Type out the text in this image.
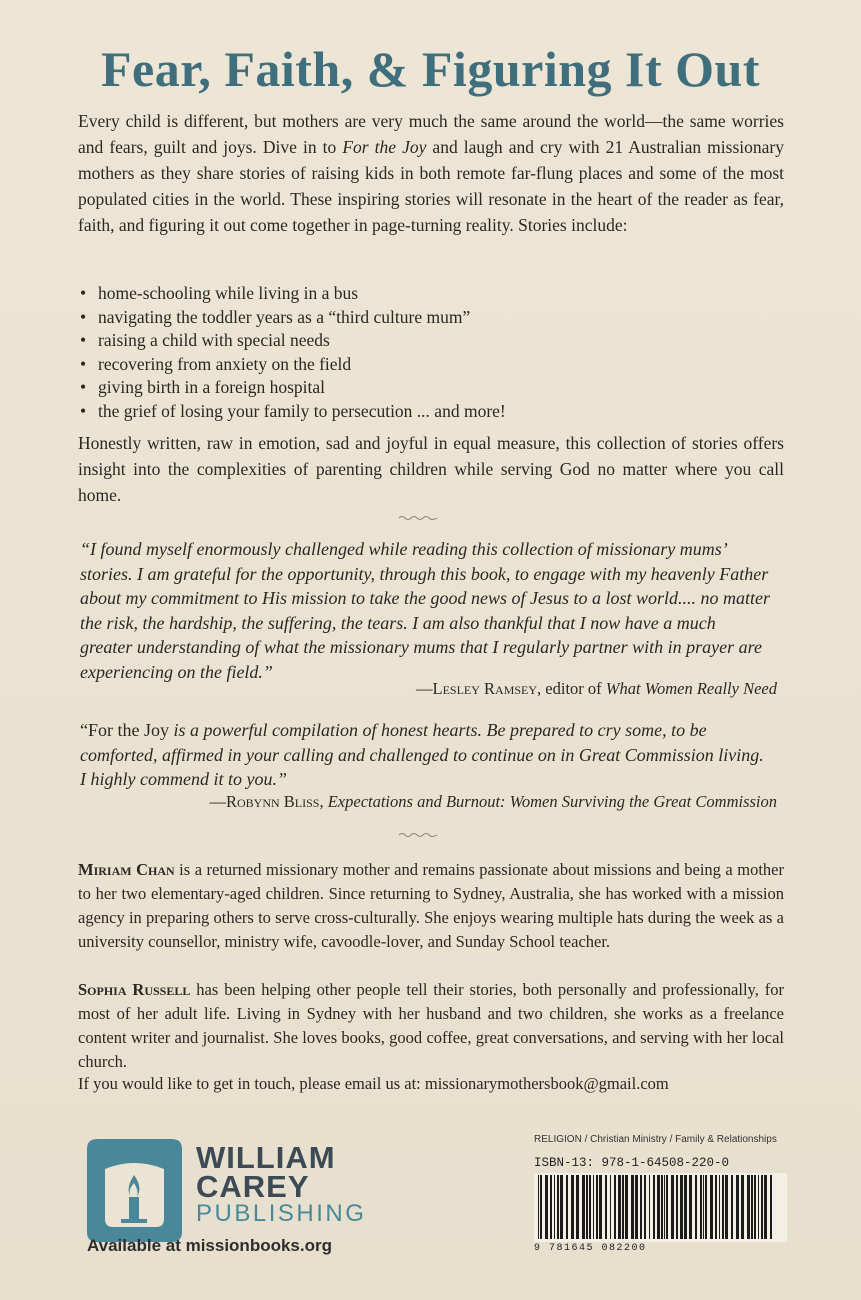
Fear, Faith, & Figuring It Out
Every child is different, but mothers are very much the same around the world—the same worries and fears, guilt and joys. Dive in to For the Joy and laugh and cry with 21 Australian missionary mothers as they share stories of raising kids in both remote far-flung places and some of the most populated cities in the world. These inspiring stories will resonate in the heart of the reader as fear, faith, and figuring it out come together in page-turning reality. Stories include:
• home-schooling while living in a bus
• navigating the toddler years as a “third culture mum”
• raising a child with special needs
• recovering from anxiety on the field
• giving birth in a foreign hospital
• the grief of losing your family to persecution ... and more!
Honestly written, raw in emotion, sad and joyful in equal measure, this collection of stories offers insight into the complexities of parenting children while serving God no matter where you call home.
“I found myself enormously challenged while reading this collection of missionary mums’ stories. I am grateful for the opportunity, through this book, to engage with my heavenly Father about my commitment to His mission to take the good news of Jesus to a lost world.... no matter the risk, the hardship, the suffering, the tears. I am also thankful that I now have a much greater understanding of what the missionary mums that I regularly partner with in prayer are experiencing on the field.”
—Lesley Ramsey, editor of What Women Really Need
“For the Joy is a powerful compilation of honest hearts. Be prepared to cry some, to be comforted, affirmed in your calling and challenged to continue on in Great Commission living. I highly commend it to you.”
—Robynn Bliss, Expectations and Burnout: Women Surviving the Great Commission
Miriam Chan is a returned missionary mother and remains passionate about missions and being a mother to her two elementary-aged children. Since returning to Sydney, Australia, she has worked with a mission agency in preparing others to serve cross-culturally. She enjoys wearing multiple hats during the week as a university counsellor, ministry wife, cavoodle-lover, and Sunday School teacher.
Sophia Russell has been helping other people tell their stories, both personally and professionally, for most of her adult life. Living in Sydney with her husband and two children, she works as a freelance content writer and journalist. She loves books, good coffee, great conversations, and serving with her local church.
If you would like to get in touch, please email us at: missionarymothersbook@gmail.com
WILLIAM
CAREY
PUBLISHING
Available at missionbooks.org
RELIGION / Christian Ministry / Family & Relationships
ISBN-13: 978-1-64508-220-0
9 781645 082200
